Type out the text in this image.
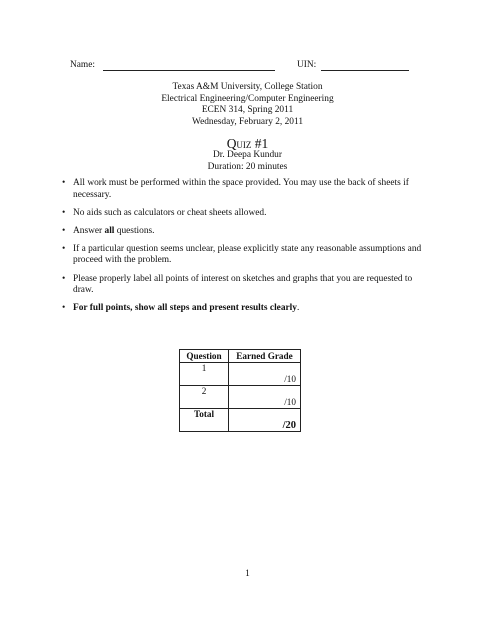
Name:	UIN:
Texas A&M University, College Station
Electrical Engineering/Computer Engineering
ECEN 314, Spring 2011
Wednesday, February 2, 2011
Quiz #1
Dr. Deepa Kundur
Duration: 20 minutes
• All work must be performed within the space provided. You may use the back of sheets if necessary.
• No aids such as calculators or cheat sheets allowed.
• Answer all questions.
• If a particular question seems unclear, please explicitly state any reasonable assumptions and proceed with the problem.
• Please properly label all points of interest on sketches and graphs that you are requested to draw.
• For full points, show all steps and present results clearly.
Question	Earned Grade
1	/10
2	/10
Total	/20
1
